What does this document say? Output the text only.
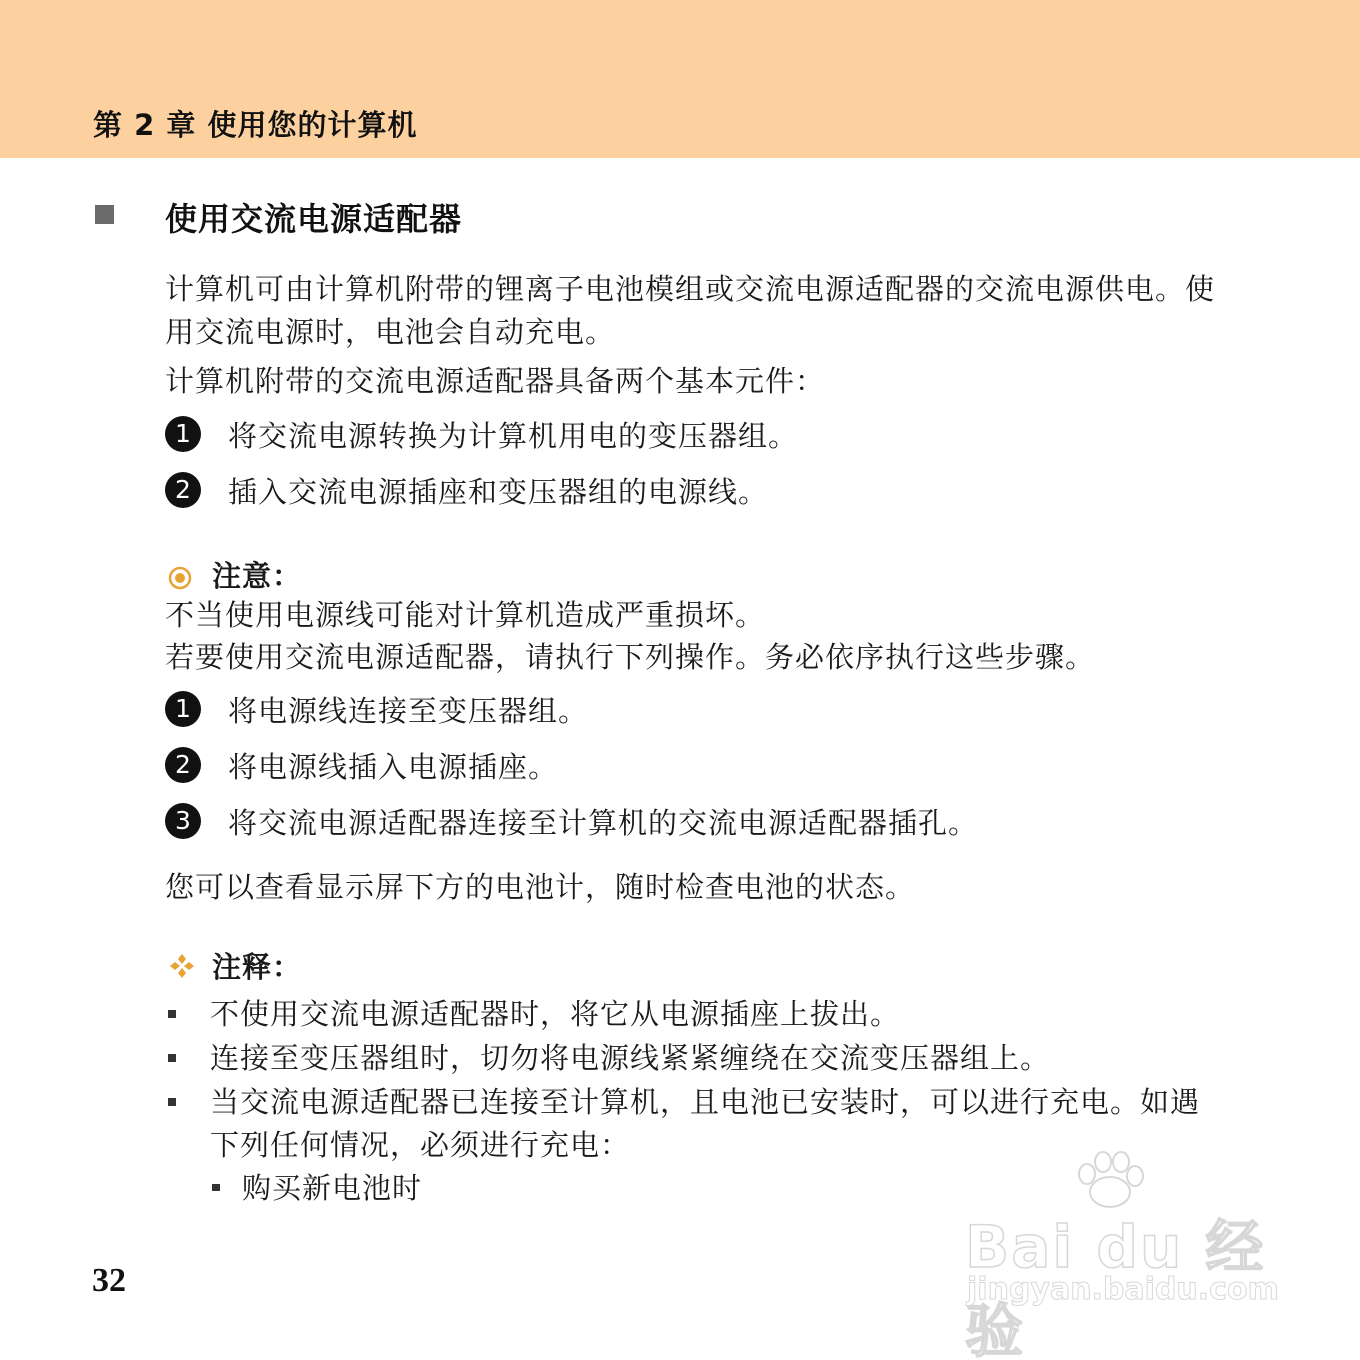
第 2 章 使用您的计算机
使用交流电源适配器
计算机可由计算机附带的锂离子电池模组或交流电源适配器的交流电源供电。使用交流电源时，电池会自动充电。
计算机附带的交流电源适配器具备两个基本元件：
1	将交流电源转换为计算机用电的变压器组。
2	插入交流电源插座和变压器组的电源线。
注意：
不当使用电源线可能对计算机造成严重损坏。
若要使用交流电源适配器，请执行下列操作。务必依序执行这些步骤。
1	将电源线连接至变压器组。
2	将电源线插入电源插座。
3	将交流电源适配器连接至计算机的交流电源适配器插孔。
您可以查看显示屏下方的电池计，随时检查电池的状态。
注释：
不使用交流电源适配器时，将它从电源插座上拔出。
连接至变压器组时，切勿将电源线紧紧缠绕在交流变压器组上。
当交流电源适配器已连接至计算机，且电池已安装时，可以进行充电。如遇下列任何情况，必须进行充电：
购买新电池时
32	Bai du 经验
jingyan.baidu.com
